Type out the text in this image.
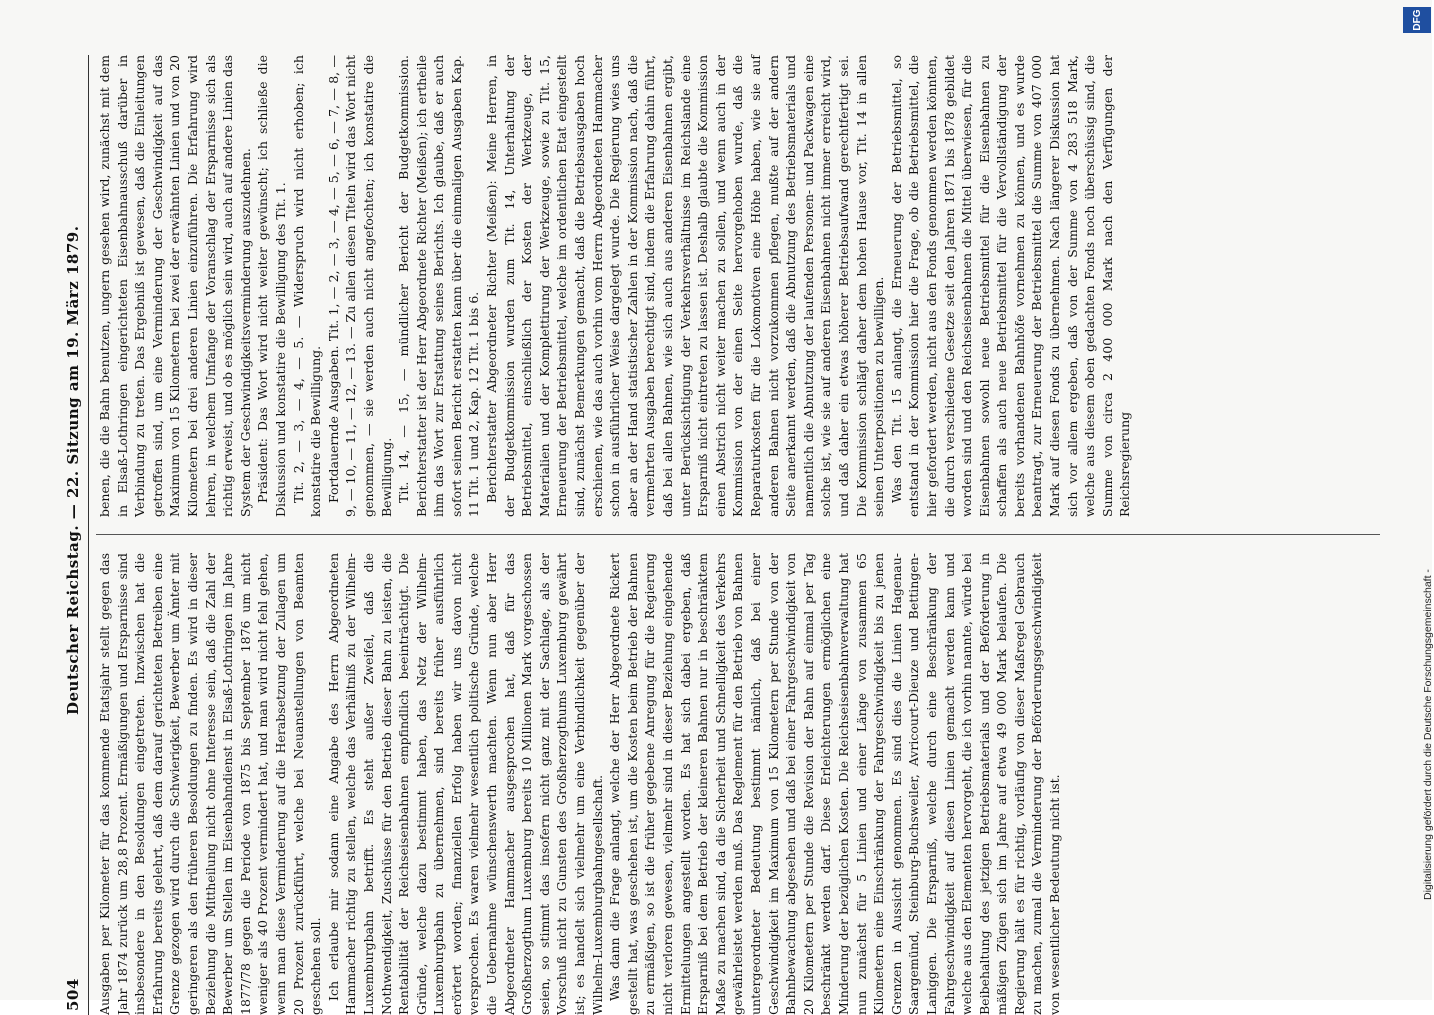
504
Deutscher Reichstag. — 22. Sitzung am 19. März 1879.

Ausgaben per Kilometer für das kommende Etatsjahr stellt gegen das Jahr 1874 zurück um 28,8 Prozent. Ermäßigungen und Ersparnisse sind insbesondere in den Besoldungen eingetreten. Inzwischen hat die Erfahrung bereits gelehrt, daß dem darauf gerichteten Betreiben eine Grenze gezogen wird durch die Schwierigkeit, Bewerber um Ämter mit geringeren als den früheren Besoldungen zu finden. Es wird in dieser Beziehung die Mittheilung nicht ohne Interesse sein, daß die Zahl der Bewerber um Stellen im Eisenbahndienst in Elsaß-Lothringen im Jahre 1877/78 gegen die Periode von 1875 bis September 1876 um nicht weniger als 40 Prozent vermindert hat, und man wird nicht fehl gehen, wenn man diese Verminderung auf die Herabsetzung der Zulagen um 20 Prozent zurückführt, welche bei Neuanstellungen von Beamten geschehen soll. Ich erlaube mir sodann eine Angabe des Herrn Abgeordneten Hammacher richtig zu stellen, welche das Verhältniß zu der Wilhelm-Luxemburgbahn betrifft. Es steht außer Zweifel, daß die Nothwendigkeit, Zuschüsse für den Betrieb dieser Bahn zu leisten, die Rentabilität der Reichseisenbahnen empfindlich beeinträchtigt. Die Gründe, welche dazu bestimmt haben, das Netz der Wilhelm-Luxemburgbahn zu übernehmen, sind bereits früher ausführlich erörtert worden; finanziellen Erfolg haben wir uns davon nicht versprochen. Es waren vielmehr wesentlich politische Gründe, welche die Uebernahme wünschenswerth machten. Wenn nun aber Herr Abgeordneter Hammacher ausgesprochen hat, daß für das Großherzogthum Luxemburg bereits 10 Millionen Mark vorgeschossen seien, so stimmt das insofern nicht ganz mit der Sachlage, als der Vorschuß nicht zu Gunsten des Großherzogthums Luxemburg gewährt ist; es handelt sich vielmehr um eine Verbindlichkeit gegenüber der Wilhelm-Luxemburgbahngesellschaft. Was dann die Frage anlangt, welche der Herr Abgeordnete Rickert gestellt hat, was geschehen ist, um die Kosten beim Betrieb der Bahnen zu ermäßigen, so ist die früher gegebene Anregung für die Regierung nicht verloren gewesen, vielmehr sind in dieser Beziehung eingehende Ermittelungen angestellt worden. Es hat sich dabei ergeben, daß Ersparniß bei dem Betrieb der kleineren Bahnen nur in beschränktem Maße zu machen sind, da die Sicherheit und Schnelligkeit des Verkehrs gewährleistet werden muß. Das Reglement für den Betrieb von Bahnen untergeordneter Bedeutung bestimmt nämlich, daß bei einer Geschwindigkeit im Maximum von 15 Kilometern per Stunde von der Bahnbewachung abgesehen und daß bei einer Fahrgeschwindigkeit von 20 Kilometern per Stunde die Revision der Bahn auf einmal per Tag beschränkt werden darf. Diese Erleichterungen ermöglichen eine Minderung der bezüglichen Kosten. Die Reichseisenbahnverwaltung hat nun zunächst für 5 Linien und einer Länge von zusammen 65 Kilometern eine Einschränkung der Fahrgeschwindigkeit bis zu jenen Grenzen in Aussicht genommen. Es sind dies die Linien Hagenau-Saargemünd, Steinburg-Buchsweiler, Avricourt-Dieuze und Bettingen-Laniggen. Die Ersparniß, welche durch eine Beschränkung der Fahrgeschwindigkeit auf diesen Linien gemacht werden kann und welche aus den Elementen hervorgeht, die ich vorhin nannte, würde bei Beibehaltung des jetzigen Betriebsmaterials und der Beförderung in mäßigen Zügen sich im Jahre auf etwa 49 000 Mark belaufen. Die Regierung hält es für richtig, vorläufig von dieser Maßregel Gebrauch zu machen, zumal die Verminderung der Beförderungsgeschwindigkeit von wesentlicher Bedeutung nicht ist.

benen, die die Bahn benutzen, ungern gesehen wird, zunächst mit dem in Elsaß-Lothringen eingerichteten Eisenbahnausschuß darüber in Verbindung zu treten. Das Ergebniß ist gewesen, daß die Einleitungen getroffen sind, um eine Verminderung der Geschwindigkeit auf das Maximum von 15 Kilometern bei zwei der erwähnten Linien und von 20 Kilometern bei drei anderen Linien einzuführen. Die Erfahrung wird lehren, in welchem Umfange der Voranschlag der Ersparnisse sich als richtig erweist, und ob es möglich sein wird, auch auf andere Linien das System der Geschwindigkeitsverminderung auszudehnen. Präsident: Das Wort wird nicht weiter gewünscht; ich schließe die Diskussion und konstatire die Bewilligung des Tit. 1. Tit. 2, — 3, — 4, — 5. — Widerspruch wird nicht erhoben; ich konstatire die Bewilligung. Fortdauernde Ausgaben. Tit. 1, — 2, — 3, — 4, — 5, — 6, — 7, — 8, — 9, — 10, — 11, — 12, — 13. — Zu allen diesen Titeln wird das Wort nicht genommen, — sie werden auch nicht angefochten; ich konstatire die Bewilligung. Tit. 14, — 15, — mündlicher Bericht der Budgetkommission. Berichterstatter ist der Herr Abgeordnete Richter (Meißen); ich ertheile ihm das Wort zur Erstattung seines Berichts. Ich glaube, daß er auch sofort seinen Bericht erstatten kann über die einmaligen Ausgaben Kap. 11 Tit. 1 und 2, Kap. 12 Tit. 1 bis 6. Berichterstatter Abgeordneter Richter (Meißen): Meine Herren, in der Budgetkommission wurden zum Tit. 14, Unterhaltung der Betriebsmittel, einschließlich der Kosten der Werkzeuge, der Materialien und der Komplettirung der Werkzeuge, sowie zu Tit. 15, Erneuerung der Betriebsmittel, welche im ordentlichen Etat eingestellt sind, zunächst Bemerkungen gemacht, daß die Betriebsausgaben hoch erschienen, wie das auch vorhin vom Herrn Abgeordneten Hammacher schon in ausführlicher Weise dargelegt wurde. Die Regierung wies uns aber an der Hand statistischer Zahlen in der Kommission nach, daß die vermehrten Ausgaben berechtigt sind, indem die Erfahrung dahin führt, daß bei allen Bahnen, wie sich auch aus anderen Eisenbahnen ergibt, unter Berücksichtigung der Verkehrsverhältnisse im Reichslande eine Ersparniß nicht eintreten zu lassen ist. Deshalb glaubte die Kommission einen Abstrich nicht weiter machen zu sollen, und wenn auch in der Kommission von der einen Seite hervorgehoben wurde, daß die Reparaturkosten für die Lokomotiven eine Höhe haben, wie sie auf anderen Bahnen nicht vorzukommen pflegen, mußte auf der andern Seite anerkannt werden, daß die Abnutzung des Betriebsmaterials und namentlich die Abnutzung der laufenden Personen- und Packwagen eine solche ist, wie sie auf anderen Eisenbahnen nicht immer erreicht wird, und daß daher ein etwas höherer Betriebsaufwand gerechtfertigt sei. Die Kommission schlägt daher dem hohen Hause vor, Tit. 14 in allen seinen Unterpositionen zu bewilligen. Was den Tit. 15 anlangt, die Erneuerung der Betriebsmittel, so entstand in der Kommission hier die Frage, ob die Betriebsmittel, die hier gefordert werden, nicht aus den Fonds genommen werden könnten, die durch verschiedene Gesetze seit den Jahren 1871 bis 1878 gebildet worden sind und den Reichseisenbahnen die Mittel überwiesen, für die Eisenbahnen sowohl neue Betriebsmittel für die Eisenbahnen zu schaffen als auch neue Betriebsmittel für die Vervollständigung der bereits vorhandenen Bahnhöfe vornehmen zu können, und es wurde beantragt, zur Erneuerung der Betriebsmittel die Summe von 407 000 Mark auf diesen Fonds zu übernehmen. Nach längerer Diskussion hat sich vor allem ergeben, daß von der Summe von 4 283 518 Mark, welche aus diesem oben gedachten Fonds noch überschüssig sind, die Summe von circa 2 400 000 Mark nach den Verfügungen der Reichsregierung

Digitalisierung gefördert durch die Deutsche Forschungsgemeinschaft -
DFG
